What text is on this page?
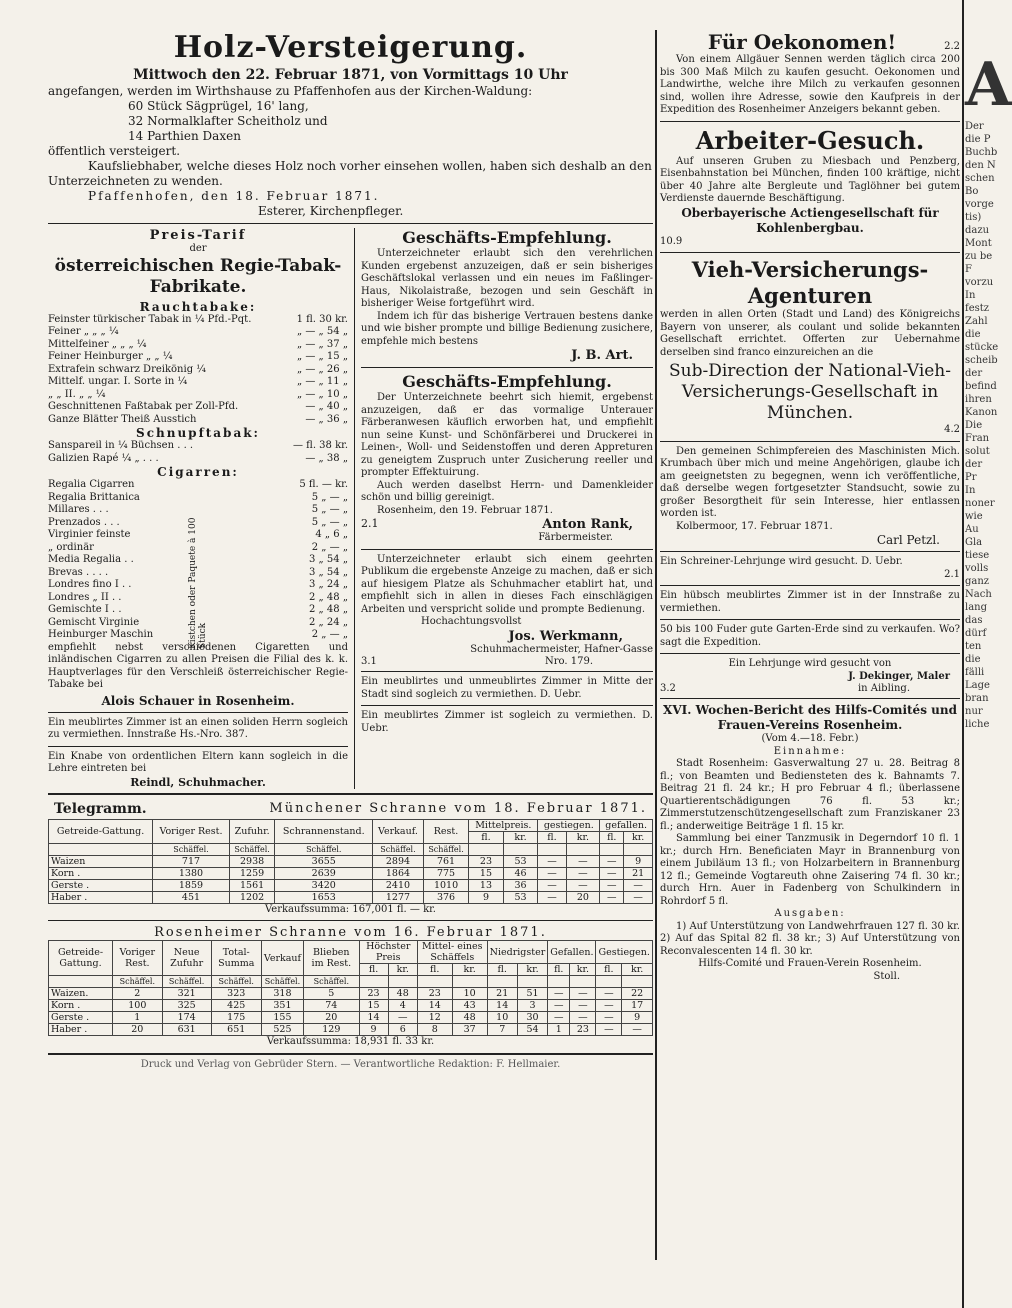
Holz-Versteigerung.
Mittwoch den 22. Februar 1871, von Vormittags 10 Uhr
angefangen, werden im Wirthshause zu Pfaffenhofen aus der Kirchen-Waldung:
60 Stück Sägprügel, 16' lang,
32 Normalklafter Scheitholz und
14 Parthien Daxen
öffentlich versteigert.
Kaufsliebhaber, welche dieses Holz noch vorher einsehen wollen, haben sich deshalb an den Unterzeichneten zu wenden.
Pfaffenhofen, den 18. Februar 1871.
Esterer, Kirchenpfleger.
Preis-Tarif
der
österreichischen Regie-Tabak-Fabrikate.
Rauchtabake:
Feinster türkischer Tabak in ¼ Pfd.-Pqt.	1 fl. 30 kr.
Feiner „ „ „ ¼	„ — „ 54 „
Mittelfeiner „ „ „ ¼	„ — „ 37 „
Feiner Heinburger „ „ ¼	„ — „ 15 „
Extrafein schwarz Dreikönig ¼	„ — „ 26 „
Mittelf. ungar. I. Sorte in ¼	„ — „ 11 „
„ „ II. „ „ ¼	„ — „ 10 „
Geschnittenen Faßtabak per Zoll-Pfd.	— „ 40 „
Ganze Blätter Theiß Ausstich	— „ 36 „
Schnupftabak:
Sanspareil in ¼ Büchsen . . .	— fl. 38 kr.
Galizien Rapé ¼ „ . . .	— „ 38 „
Cigarren:
Regalia Cigarren	5 fl. — kr.
Regalia Brittanica	5 „ — „
Millares . . .	5 „ — „
Prenzados . . .	5 „ — „
Virginier feinste	4 „ 6 „
„ ordinär	2 „ — „
Media Regalia . .	3 „ 54 „
Brevas . . . .	3 „ 54 „
Londres fino I . .	3 „ 24 „
Londres „ II . .	2 „ 48 „
Gemischte I . .	2 „ 48 „
Gemischt Virginie	2 „ 24 „
Heinburger Maschin	2 „ — „
Kistchen oder Paquete à 100 Stück
empfiehlt nebst verschiedenen Cigaretten und inländischen Cigarren zu allen Preisen die Filial des k. k. Hauptverlages für den Verschleiß österreichischer Regie-Tabake bei
Alois Schauer in Rosenheim.
Ein meublirtes Zimmer ist an einen soliden Herrn sogleich zu vermiethen. Innstraße Hs.-Nro. 387.
Ein Knabe von ordentlichen Eltern kann sogleich in die Lehre eintreten bei
Reindl, Schuhmacher.
Geschäfts-Empfehlung.
Unterzeichneter erlaubt sich den verehrlichen Kunden ergebenst anzuzeigen, daß er sein bisheriges Geschäftslokal verlassen und ein neues im Faßlinger-Haus, Nikolaistraße, bezogen und sein Geschäft in bisheriger Weise fortgeführt wird.
Indem ich für das bisherige Vertrauen bestens danke und wie bisher prompte und billige Bedienung zusichere, empfehle mich bestens
J. B. Art.
Geschäfts-Empfehlung.
Der Unterzeichnete beehrt sich hiemit, ergebenst anzuzeigen, daß er das vormalige Unterauer Färberanwesen käuflich erworben hat, und empfiehlt nun seine Kunst- und Schönfärberei und Druckerei in Leinen-, Woll- und Seidenstoffen und deren Appreturen zu geneigtem Zuspruch unter Zusicherung reeller und prompter Effektuirung.
Auch werden daselbst Herrn- und Damenkleider schön und billig gereinigt.
Rosenheim, den 19. Februar 1871.
2.1	Anton Rank,
Färbermeister.
Unterzeichneter erlaubt sich einem geehrten Publikum die ergebenste Anzeige zu machen, daß er sich auf hiesigem Platze als Schuhmacher etablirt hat, und empfiehlt sich in allen in dieses Fach einschlägigen Arbeiten und verspricht solide und prompte Bedienung.
Hochachtungsvollst
Jos. Werkmann,
Schuhmachermeister, Hafner-Gasse
3.1	Nro. 179.
Ein meublirtes und unmeublirtes Zimmer in Mitte der Stadt sind sogleich zu vermiethen. D. Uebr.
Ein meublirtes Zimmer ist sogleich zu vermiethen. D. Uebr.
Telegramm.	Münchener Schranne vom 18. Februar 1871.
Getreide-Gattung.	Voriger Rest.	Zufuhr.	Schrannenstand.	Verkauf.	Rest.	Mittelpreis.		gestiegen.		gefallen.	
						fl.	kr.	fl.	kr.	fl.	kr.
	Schäffel.	Schäffel.	Schäffel.	Schäffel.	Schäffel.						
Waizen	717	2938	3655	2894	761	23	53	—	—	—	9
Korn .	1380	1259	2639	1864	775	15	46	—	—	—	21
Gerste .	1859	1561	3420	2410	1010	13	36	—	—	—	—
Haber .	451	1202	1653	1277	376	9	53	—	20	—	—
Verkaufssumma: 167,001 fl. — kr.
Rosenheimer Schranne vom 16. Februar 1871.
Getreide-Gattung.	Voriger Rest.	Neue Zufuhr	Total-Summa	Verkauf	Blieben im Rest.	Höchster Preis		Mittel- eines Schäffels		Niedrigster		Gefallen.		Gestiegen.	
						fl.	kr.	fl.	kr.	fl.	kr.	fl.	kr.	fl.	kr.
	Schäffel.	Schäffel.	Schäffel.	Schäffel.	Schäffel.										
Waizen.	2	321	323	318	5	23	48	23	10	21	51	—	—	—	22
Korn .	100	325	425	351	74	15	4	14	43	14	3	—	—	—	17
Gerste .	1	174	175	155	20	14	—	12	48	10	30	—	—	—	9
Haber .	20	631	651	525	129	9	6	8	37	7	54	1	23	—	—
Verkaufssumma: 18,931 fl. 33 kr.
Druck und Verlag von Gebrüder Stern. — Verantwortliche Redaktion: F. Hellmaier.
Für Oekonomen!	2.2
Von einem Allgäuer Sennen werden täglich circa 200 bis 300 Maß Milch zu kaufen gesucht. Oekonomen und Landwirthe, welche ihre Milch zu verkaufen gesonnen sind, wollen ihre Adresse, sowie den Kaufpreis in der Expedition des Rosenheimer Anzeigers bekannt geben.
Arbeiter-Gesuch.
Auf unseren Gruben zu Miesbach und Penzberg, Eisenbahnstation bei München, finden 100 kräftige, nicht über 40 Jahre alte Bergleute und Taglöhner bei gutem Verdienste dauernde Beschäftigung.
Oberbayerische Actiengesellschaft für Kohlenbergbau.
10.9
Vieh-Versicherungs-Agenturen
werden in allen Orten (Stadt und Land) des Königreichs Bayern von unserer, als coulant und solide bekannten Gesellschaft errichtet. Offerten zur Uebernahme derselben sind franco einzureichen an die
Sub-Direction der National-Vieh-Versicherungs-Gesellschaft in München.
4.2
Den gemeinen Schimpfereien des Maschinisten Mich. Krumbach über mich und meine Angehörigen, glaube ich am geeignetsten zu begegnen, wenn ich veröffentliche, daß derselbe wegen fortgesetzter Standsucht, sowie zu großer Besorgtheit für sein Interesse, hier entlassen worden ist.
Kolbermoor, 17. Februar 1871.
Carl Petzl.
Ein Schreiner-Lehrjunge wird gesucht. D. Uebr.
2.1
Ein hübsch meublirtes Zimmer ist in der Innstraße zu vermiethen.
50 bis 100 Fuder gute Garten-Erde sind zu verkaufen. Wo? sagt die Expedition.
Ein Lehrjunge wird gesucht von
J. Dekinger, Maler
3.2	in Aibling.
XVI. Wochen-Bericht des Hilfs-Comités und Frauen-Vereins Rosenheim.
(Vom 4.—18. Febr.)
Einnahme:
Stadt Rosenheim: Gasverwaltung 27 u. 28. Beitrag 8 fl.; von Beamten und Bediensteten des k. Bahnamts 7. Beitrag 21 fl. 24 kr.; H pro Februar 4 fl.; überlassene Quartierentschädigungen 76 fl. 53 kr.; Zimmerstutzenschützengesellschaft zum Franziskaner 23 fl.; anderweitige Beiträge 1 fl. 15 kr.
Sammlung bei einer Tanzmusik in Degerndorf 10 fl. 1 kr.; durch Hrn. Beneficiaten Mayr in Brannenburg von einem Jubiläum 13 fl.; von Holzarbeitern in Brannenburg 12 fl.; Gemeinde Vogtareuth ohne Zaisering 74 fl. 30 kr.; durch Hrn. Auer in Fadenberg von Schulkindern in Rohrdorf 5 fl.
Ausgaben:
1) Auf Unterstützung von Landwehrfrauen 127 fl. 30 kr. 2) Auf das Spital 82 fl. 38 kr.; 3) Auf Unterstützung von Reconvalescenten 14 fl. 30 kr.
Hilfs-Comité und Frauen-Verein Rosenheim.
Stoll.
A
Der
die P
Buchb
den N
schen
Bo
vorge
tis)
dazu
Mont
zu be
F
vorzu
In
festz
Zahl
die
stücke
scheib
der
befind
ihren
Kanon
Die
Fran
solut
der
Pr
In
noner
wie
Au
Gla
tiese
volls
ganz
Nach
lang
das
dürf
ten
die
fälli
Lage
bran
nur
liche
